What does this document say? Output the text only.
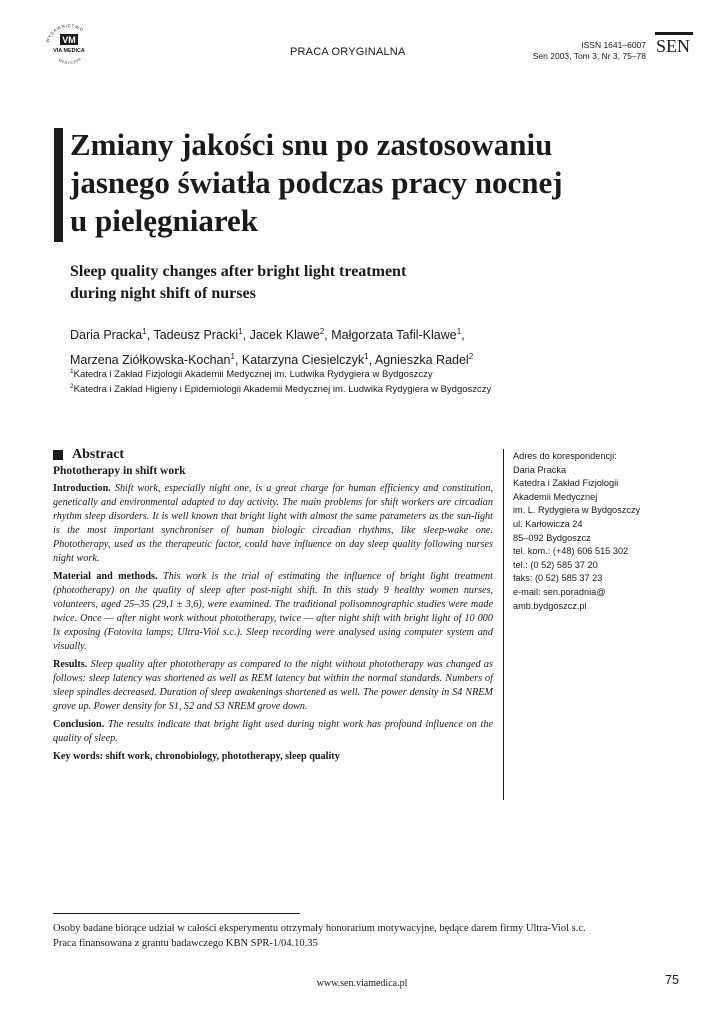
WYDAWNICTWO
VM
VIA MEDICA
MEDYCZNE
PRACA ORYGINALNA
ISSN 1641–6007
Sen 2003, Tom 3, Nr 3, 75–78 SEN
Zmiany jakości snu po zastosowaniu
jasnego światła podczas pracy nocnej
u pielęgniarek
Sleep quality changes after bright light treatment
during night shift of nurses
Daria Pracka$^1$, Tadeusz Pracki$^1$, Jacek Klawe$^2$, Małgorzata Tafil-Klawe$^1$,
Marzena Ziółkowska-Kochan$^1$, Katarzyna Ciesielczyk$^1$, Agnieszka Radel$^2$
$^1$Katedra i Zakład Fizjologii Akademii Medycznej im. Ludwika Rydygiera w Bydgoszczy
$^2$Katedra i Zakład Higieny i Epidemiologii Akademii Medycznej im. Ludwika Rydygiera w Bydgoszczy
Abstract
Phototherapy in shift work

Introduction. Shift work, especially night one, is a great charge for human efficiency and constitution, genetically and environmental adapted to day activity. The main problems for shift workers are circadian rhythm sleep disorders. It is well known that bright light with almost the same parameters as the sun-light is the most important synchroniser of human biologic circadian rhythms, like sleep-wake one. Phototherapy, used as the therapeutic factor, could have influence on day sleep quality following nurses night work.

Material and methods. This work is the trial of estimating the influence of bright light treatment (phototherapy) on the quality of sleep after post-night shift. In this study 9 healthy women nurses, volunteers, aged 25–35 (29,1 ± 3,6), were examined. The traditional polisomnographic studies were made twice. Once — after night work without phototherapy, twice — after night shift with bright light of 10 000 lx exposing (Fotovita lamps; Ultra-Viol s.c.). Sleep recording were analysed using computer system and visually.

Results. Sleep quality after phototherapy as compared to the night without phototherapy was changed as follows: sleep latency was shortened as well as REM latency but within the normal standards. Numbers of sleep spindles decreased. Duration of sleep awakenings shortened as well. The power density in S4 NREM grove up. Power density for S1, S2 and S3 NREM grove down.

Conclusion. The results indicate that bright light used during night work has profound influence on the quality of sleep.

Key words: shift work, chronobiology, phototherapy, sleep quality
Adres do korespondencji:
Daria Pracka
Katedra i Zakład Fizjologii
Akademii Medycznej
im. L. Rydygiera w Bydgoszczy
ul. Karłowicza 24
85–092 Bydgoszcz
tel. kom.: (+48) 606 515 302
tel.: (0 52) 585 37 20
faks: (0 52) 585 37 23
e-mail: sen.poradnia@
amb.bydgoszcz.pl
Osoby badane biorące udział w całości eksperymentu otrzymały honorarium motywacyjne, będące darem firmy Ultra-Viol s.c.
Praca finansowana z grantu badawczego KBN SPR-1/04.10.35
www.sen.viamedica.pl	75
